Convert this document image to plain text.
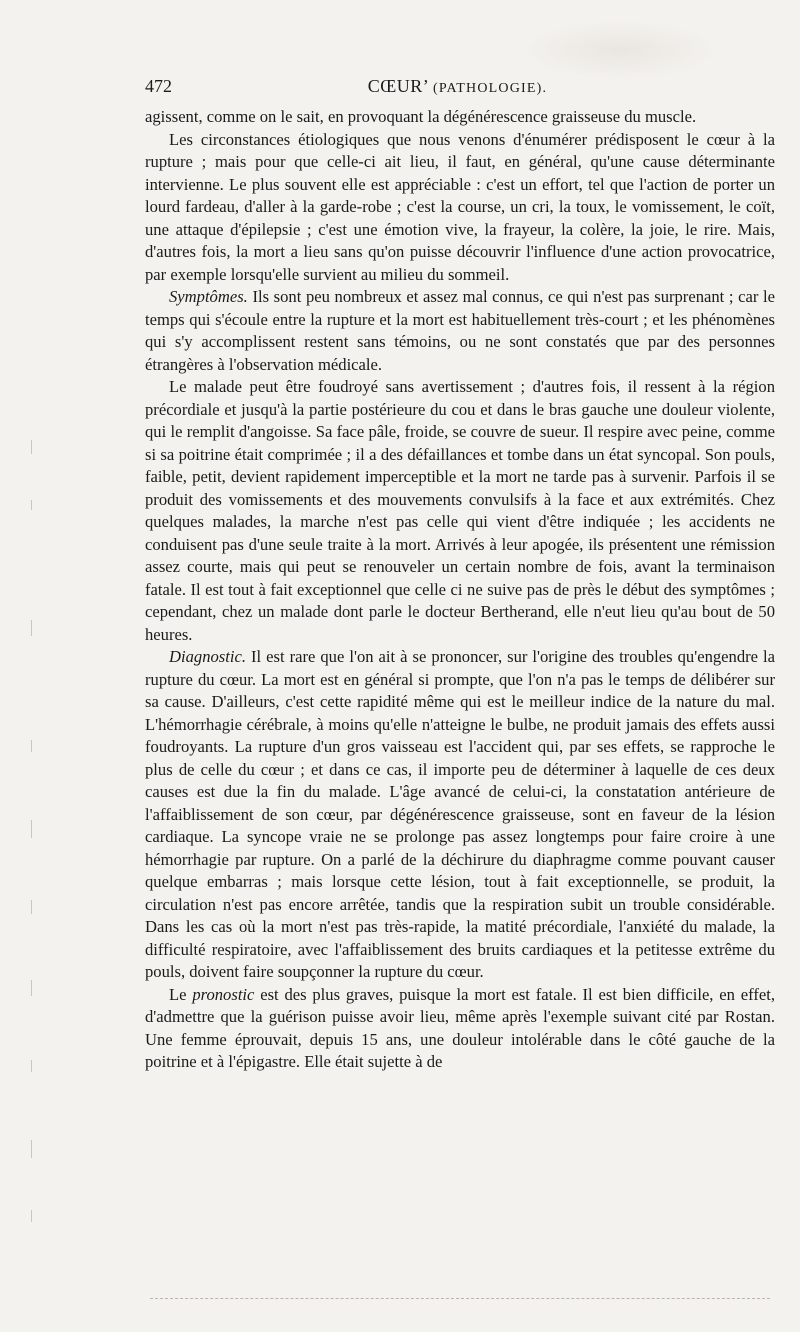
472	CŒUR’ (PATHOLOGIE).

agissent, comme on le sait, en provoquant la dégénérescence graisseuse du muscle.

Les circonstances étiologiques que nous venons d'énumérer prédisposent le cœur à la rupture ; mais pour que celle-ci ait lieu, il faut, en général, qu'une cause déterminante intervienne. Le plus souvent elle est appréciable : c'est un effort, tel que l'action de porter un lourd fardeau, d'aller à la garde-robe ; c'est la course, un cri, la toux, le vomissement, le coït, une attaque d'épilepsie ; c'est une émotion vive, la frayeur, la colère, la joie, le rire. Mais, d'autres fois, la mort a lieu sans qu'on puisse découvrir l'influence d'une action provocatrice, par exemple lorsqu'elle survient au milieu du sommeil.

Symptômes. Ils sont peu nombreux et assez mal connus, ce qui n'est pas surprenant ; car le temps qui s'écoule entre la rupture et la mort est habituellement très-court ; et les phénomènes qui s'y accomplissent restent sans témoins, ou ne sont constatés que par des personnes étrangères à l'observation médicale.

Le malade peut être foudroyé sans avertissement ; d'autres fois, il ressent à la région précordiale et jusqu'à la partie postérieure du cou et dans le bras gauche une douleur violente, qui le remplit d'angoisse. Sa face pâle, froide, se couvre de sueur. Il respire avec peine, comme si sa poitrine était comprimée ; il a des défaillances et tombe dans un état syncopal. Son pouls, faible, petit, devient rapidement imperceptible et la mort ne tarde pas à survenir. Parfois il se produit des vomissements et des mouvements convulsifs à la face et aux extrémités. Chez quelques malades, la marche n'est pas celle qui vient d'être indiquée ; les accidents ne conduisent pas d'une seule traite à la mort. Arrivés à leur apogée, ils présentent une rémission assez courte, mais qui peut se renouveler un certain nombre de fois, avant la terminaison fatale. Il est tout à fait exceptionnel que celle ci ne suive pas de près le début des symptômes ; cependant, chez un malade dont parle le docteur Bertherand, elle n'eut lieu qu'au bout de 50 heures.

Diagnostic. Il est rare que l'on ait à se prononcer, sur l'origine des troubles qu'engendre la rupture du cœur. La mort est en général si prompte, que l'on n'a pas le temps de délibérer sur sa cause. D'ailleurs, c'est cette rapidité même qui est le meilleur indice de la nature du mal. L'hémorrhagie cérébrale, à moins qu'elle n'atteigne le bulbe, ne produit jamais des effets aussi foudroyants. La rupture d'un gros vaisseau est l'accident qui, par ses effets, se rapproche le plus de celle du cœur ; et dans ce cas, il importe peu de déterminer à laquelle de ces deux causes est due la fin du malade. L'âge avancé de celui-ci, la constatation antérieure de l'affaiblissement de son cœur, par dégénérescence graisseuse, sont en faveur de la lésion cardiaque. La syncope vraie ne se prolonge pas assez longtemps pour faire croire à une hémorrhagie par rupture. On a parlé de la déchirure du diaphragme comme pouvant causer quelque embarras ; mais lorsque cette lésion, tout à fait exceptionnelle, se produit, la circulation n'est pas encore arrêtée, tandis que la respiration subit un trouble considérable. Dans les cas où la mort n'est pas très-rapide, la matité précordiale, l'anxiété du malade, la difficulté respiratoire, avec l'affaiblissement des bruits cardiaques et la petitesse extrême du pouls, doivent faire soupçonner la rupture du cœur.

Le pronostic est des plus graves, puisque la mort est fatale. Il est bien difficile, en effet, d'admettre que la guérison puisse avoir lieu, même après l'exemple suivant cité par Rostan. Une femme éprouvait, depuis 15 ans, une douleur intolérable dans le côté gauche de la poitrine et à l'épigastre. Elle était sujette à de
